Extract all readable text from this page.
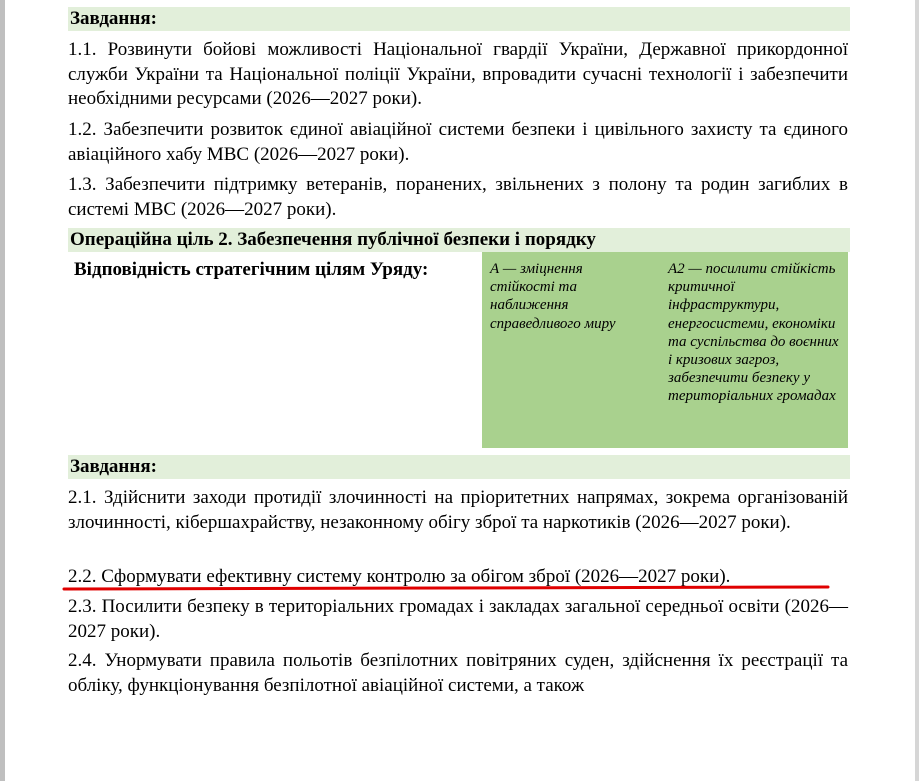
Завдання:
1.1. Розвинути бойові можливості Національної гвардії України, Державної прикордонної служби України та Національної поліції України, впровадити сучасні технології і забезпечити необхідними ресурсами (2026—2027 роки).
1.2. Забезпечити розвиток єдиної авіаційної системи безпеки і цивільного захисту та єдиного авіаційного хабу МВС (2026—2027 роки).
1.3. Забезпечити підтримку ветеранів, поранених, звільнених з полону та родин загиблих в системі МВС (2026—2027 роки).
Операційна ціль 2. Забезпечення публічної безпеки і порядку
Відповідність стратегічним цілям Уряду:	А — зміцнення стійкості та наближення справедливого миру
А2 — посилити стійкість критичної інфраструктури, енергосистеми, економіки та суспільства до воєнних і кризових загроз, забезпечити безпеку у територіальних громадах
Завдання:
2.1. Здійснити заходи протидії злочинності на пріоритетних напрямах, зокрема організованій злочинності, кібершахрайству, незаконному обігу зброї та наркотиків (2026—2027 роки).
2.2. Сформувати ефективну систему контролю за обігом зброї (2026—2027 роки).
2.3. Посилити безпеку в територіальних громадах і закладах загальної середньої освіти (2026—2027 роки).
2.4. Унормувати правила польотів безпілотних повітряних суден, здійснення їх реєстрації та обліку, функціонування безпілотної авіаційної системи, а також
